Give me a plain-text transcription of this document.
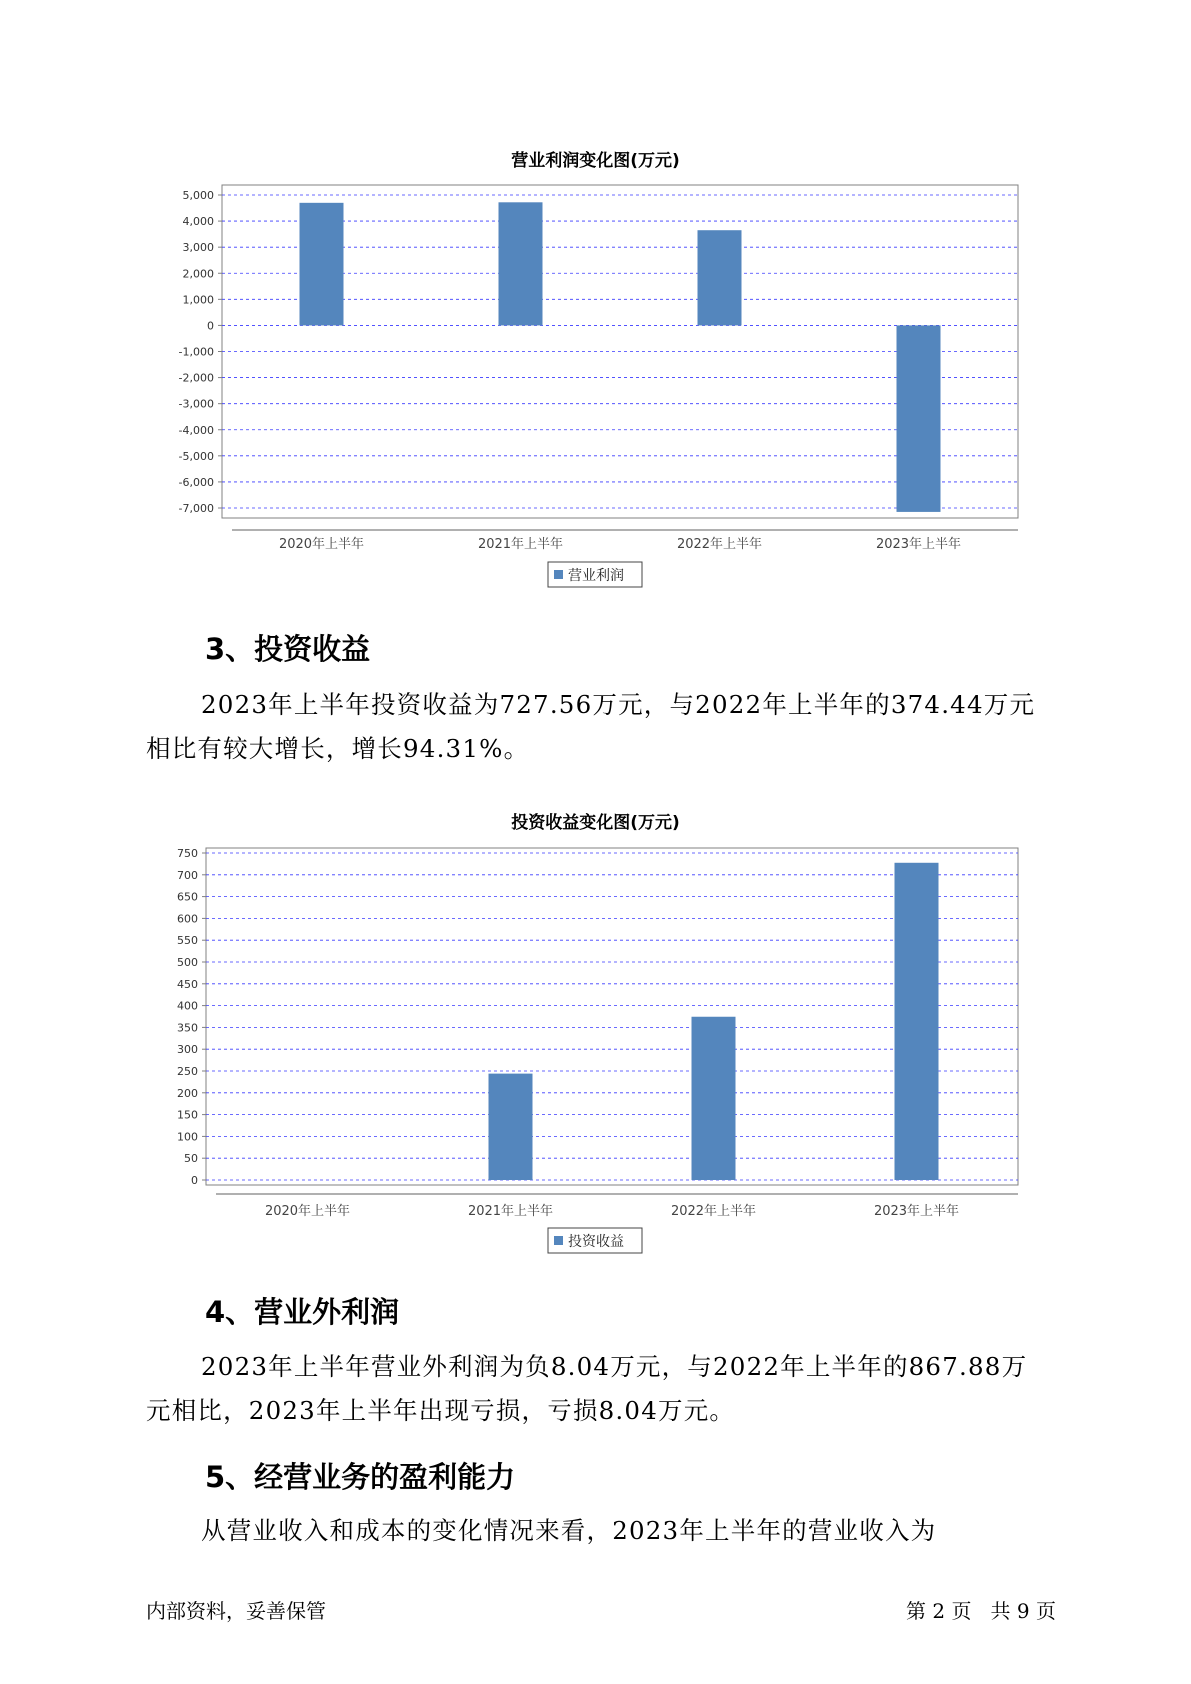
营业利润变化图(万元)
5,000
4,000
3,000
2,000
1,000
0
-1,000
-2,000
-3,000
-4,000
-5,000
-6,000
-7,000
2020年上半年	2021年上半年	2022年上半年	2023年上半年
营业利润
3、投资收益
2023年上半年投资收益为727.56万元，与2022年上半年的374.44万元
相比有较大增长，增长94.31%。
投资收益变化图(万元)
750
700
650
600
550
500
450
400
350
300
250
200
150
100
50
0
2020年上半年	2021年上半年	2022年上半年	2023年上半年
投资收益
4、营业外利润
2023年上半年营业外利润为负8.04万元，与2022年上半年的867.88万
元相比，2023年上半年出现亏损，亏损8.04万元。
5、经营业务的盈利能力
从营业收入和成本的变化情况来看，2023年上半年的营业收入为
内部资料，妥善保管	第 2 页   共 9 页
